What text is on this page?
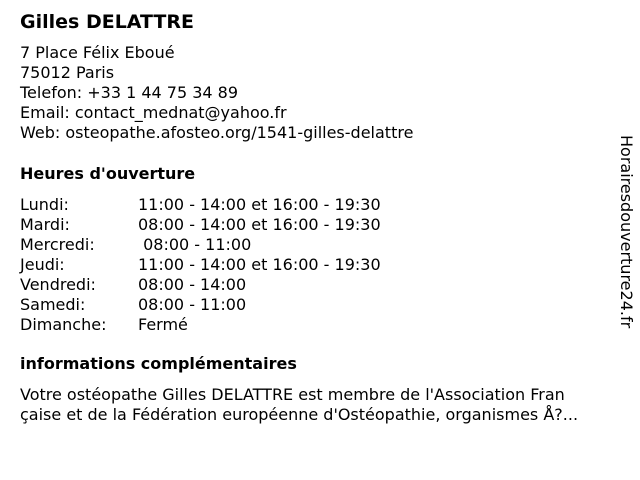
Gilles DELATTRE
7 Place Félix Eboué
75012 Paris
Telefon: +33 1 44 75 34 89
Email: contact_mednat@yahoo.fr
Web: osteopathe.afosteo.org/1541-gilles-delattre
Heures d'ouverture
Lundi:	11:00 - 14:00 et 16:00 - 19:30
Mardi:	08:00 - 14:00 et 16:00 - 19:30
Mercredi:	08:00 - 11:00
Jeudi:	11:00 - 14:00 et 16:00 - 19:30
Vendredi:	08:00 - 14:00
Samedi:	08:00 - 11:00
Dimanche:	Fermé
informations complémentaires
Votre ostéopathe Gilles DELATTRE est membre de l'Association Fran
çaise et de la Fédération européenne d'Ostéopathie, organismes Å?...
Horairesdouverture24.fr
